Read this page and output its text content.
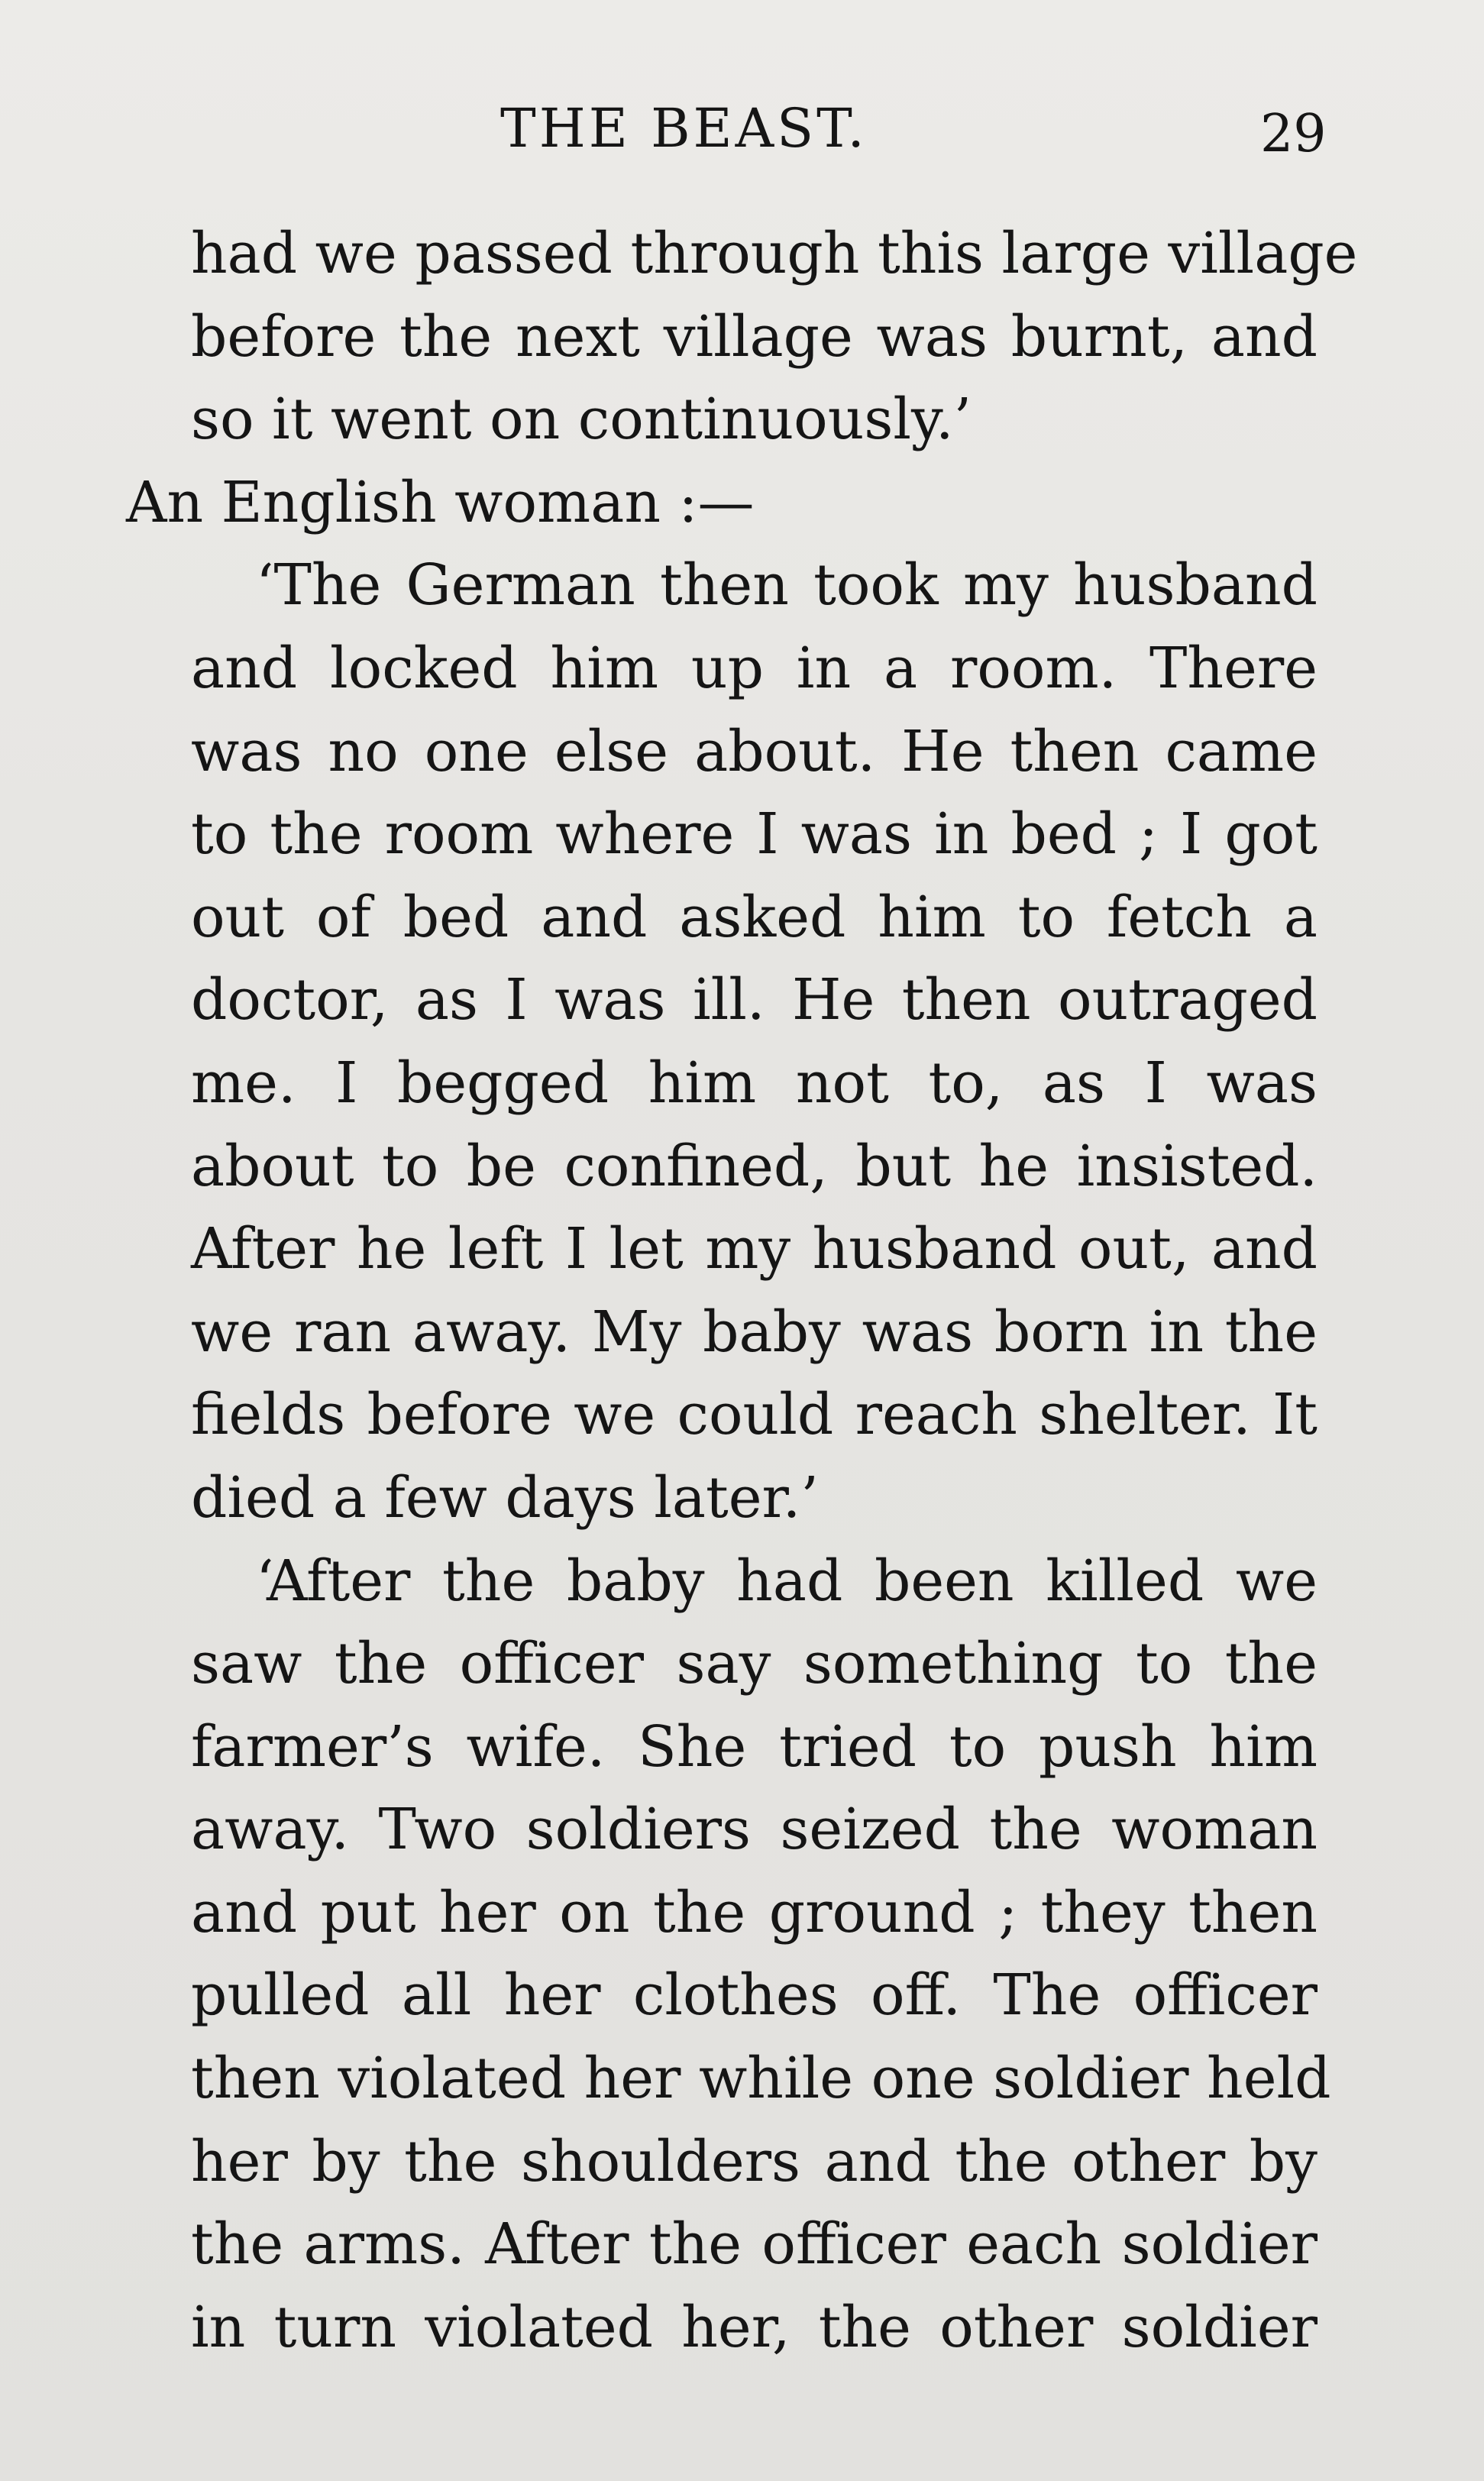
THE BEAST.	29
had we passed through this large village
before the next village was burnt, and
so it went on continuously.’
An English woman :—
‘The German then took my husband
and locked him up in a room. There
was no one else about. He then came
to the room where I was in bed ; I got
out of bed and asked him to fetch a
doctor, as I was ill. He then outraged
me. I begged him not to, as I was
about to be confined, but he insisted.
After he left I let my husband out, and
we ran away. My baby was born in the
fields before we could reach shelter. It
died a few days later.’
‘After the baby had been killed we
saw the officer say something to the
farmer’s wife. She tried to push him
away. Two soldiers seized the woman
and put her on the ground ; they then
pulled all her clothes off. The officer
then violated her while one soldier held
her by the shoulders and the other by
the arms. After the officer each soldier
in turn violated her, the other soldier
